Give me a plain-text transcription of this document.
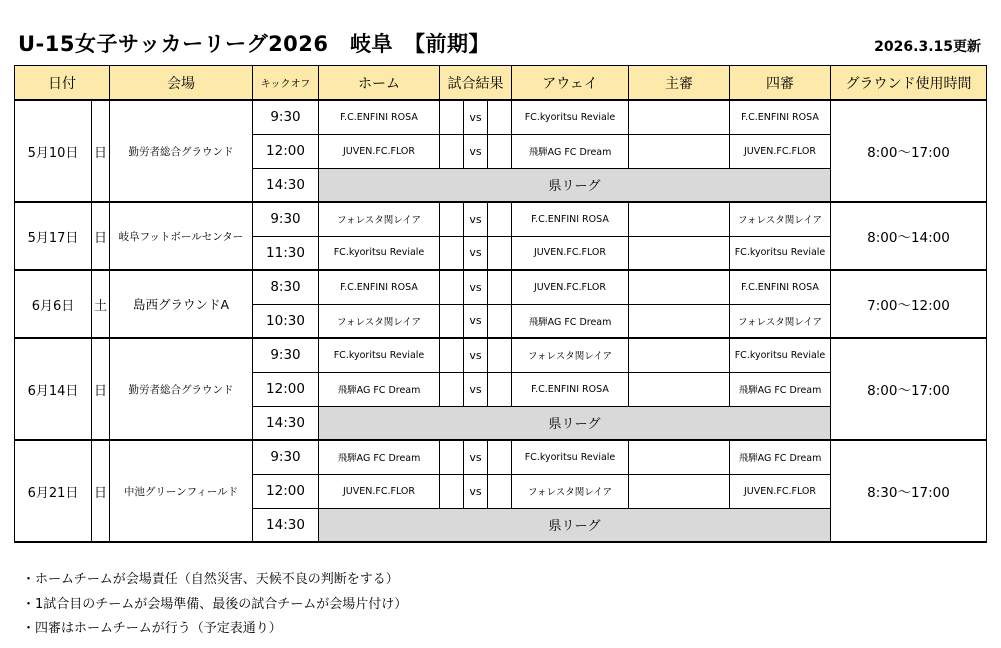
U-15女子サッカーリーグ2026　岐阜　【前期】	2026.3.15更新
日付		会場	キックオフ	ホーム	試合結果			アウェイ	主審	四審	グラウンド使用時間
5月10日	日	勤労者総合グラウンド	9:30	F.C.ENFINI ROSA		vs		FC.kyoritsu Reviale		F.C.ENFINI ROSA	8:00～17:00
			12:00	JUVEN.FC.FLOR		vs		飛騨AG FC Dream		JUVEN.FC.FLOR	
			14:30	県リーグ							
5月17日	日	岐阜フットボールセンター	9:30	フォレスタ関レイア		vs		F.C.ENFINI ROSA		フォレスタ関レイア	8:00～14:00
			11:30	FC.kyoritsu Reviale		vs		JUVEN.FC.FLOR		FC.kyoritsu Reviale	
6月6日	土	島西グラウンドA	8:30	F.C.ENFINI ROSA		vs		JUVEN.FC.FLOR		F.C.ENFINI ROSA	7:00～12:00
			10:30	フォレスタ関レイア		vs		飛騨AG FC Dream		フォレスタ関レイア	
6月14日	日	勤労者総合グラウンド	9:30	FC.kyoritsu Reviale		vs		フォレスタ関レイア		FC.kyoritsu Reviale	8:00～17:00
			12:00	飛騨AG FC Dream		vs		F.C.ENFINI ROSA		飛騨AG FC Dream	
			14:30	県リーグ							
6月21日	日	中池グリーンフィールド	9:30	飛騨AG FC Dream		vs		FC.kyoritsu Reviale		飛騨AG FC Dream	8:30～17:00
			12:00	JUVEN.FC.FLOR		vs		フォレスタ関レイア		JUVEN.FC.FLOR	
			14:30	県リーグ							
・ホームチームが会場責任（自然災害、天候不良の判断をする）
・1試合目のチームが会場準備、最後の試合チームが会場片付け）
・四審はホームチームが行う（予定表通り）
